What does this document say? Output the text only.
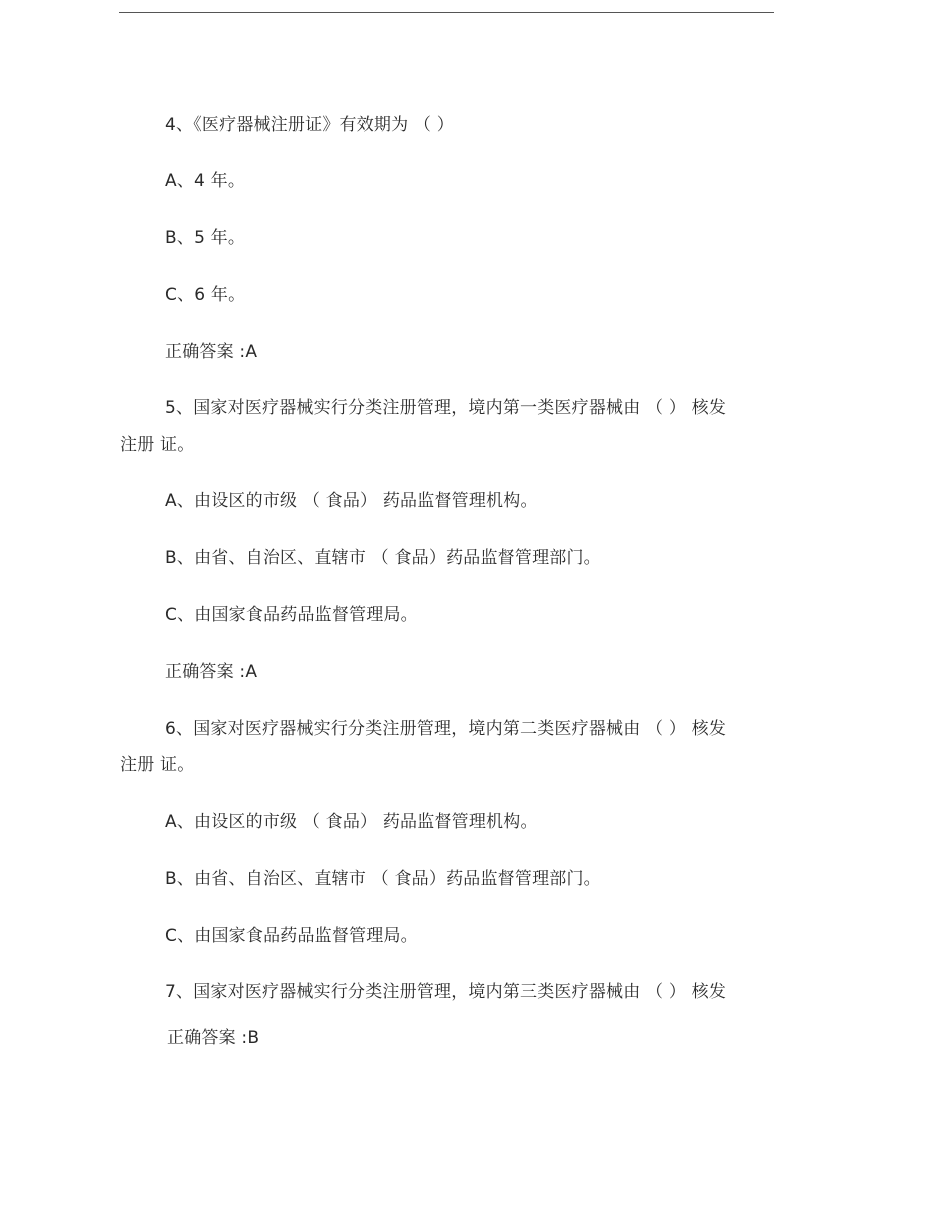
4、《医疗器械注册证》有效期为 （ ）
A、4 年。
B、5 年。
C、6 年。
正确答案 :A
5、国家对医疗器械实行分类注册管理，境内第一类医疗器械由 （ ） 核发
注册 证。
A、由设区的市级 （ 食品） 药品监督管理机构。
B、由省、自治区、直辖市 （ 食品）药品监督管理部门。
C、由国家食品药品监督管理局。
正确答案 :A
6、国家对医疗器械实行分类注册管理，境内第二类医疗器械由 （ ） 核发
注册 证。
A、由设区的市级 （ 食品） 药品监督管理机构。
B、由省、自治区、直辖市 （ 食品）药品监督管理部门。
C、由国家食品药品监督管理局。
7、国家对医疗器械实行分类注册管理，境内第三类医疗器械由 （ ） 核发
正确答案 :B
